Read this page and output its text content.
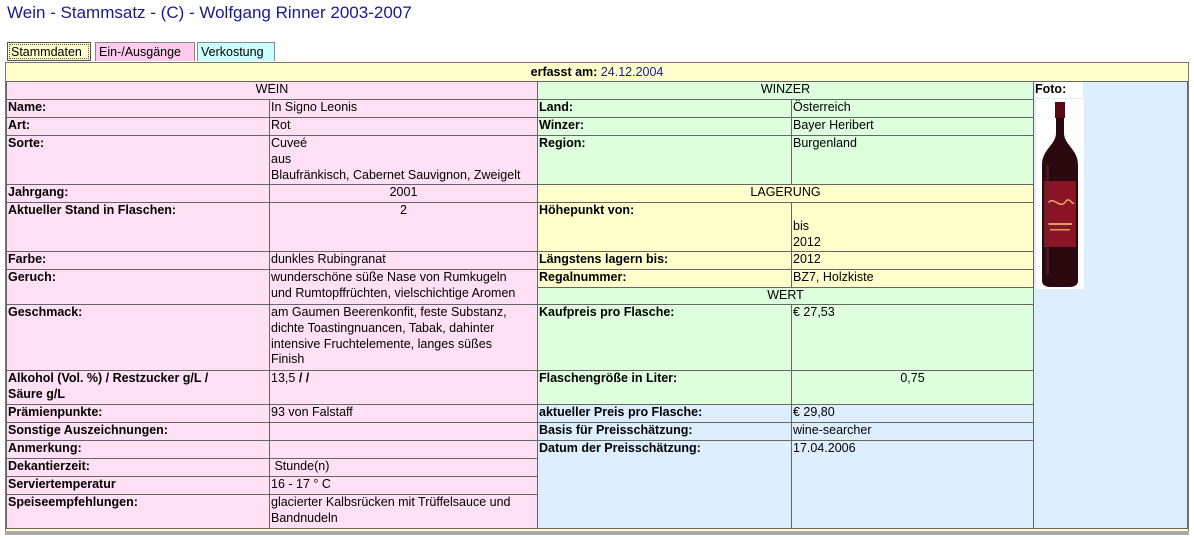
Wein - Stammsatz - (C) - Wolfgang Rinner 2003-2007
Stammdaten	Ein-/Ausgänge	Verkostung
erfasst am: 24.12.2004
WEIN		WINZER		Foto:

Name:	In Signo Leonis	Land:	Österreich	
Art:	Rot	Winzer:	Bayer Heribert	
Sorte:	Cuveé
aus
Blaufränkisch, Cabernet Sauvignon, Zweigelt	Region:	Burgenland	
Jahrgang:	2001	LAGERUNG		
Aktueller Stand in Flaschen:	2	Höhepunkt von:	bis
2012	

Farbe:	dunkles Rubingranat	Längstens lagern bis:	2012	
Geruch:	wunderschöne süße Nase von Rumkugeln
und Rumtopffrüchten, vielschichtige Aromen	Regalnummer:	BZ7, Holzkiste	
		WERT		
Geschmack:	am Gaumen Beerenkonfit, feste Substanz,
dichte Toastingnuancen, Tabak, dahinter
intensive Fruchtelemente, langes süßes
Finish	Kaufpreis pro Flasche:	€ 27,53	

Alkohol (Vol. %) / Restzucker g/L /
Säure g/L	13,5 / /	Flaschengröße in Liter:	0,75	
Prämienpunkte:	93 von Falstaff	aktueller Preis pro Flasche:	€ 29,80	
Sonstige Auszeichnungen:		Basis für Preisschätzung:	wine-searcher	
Anmerkung:		Datum der Preisschätzung:	17.04.2006	
Dekantierzeit:	Stunde(n)			
Serviertemperatur	16 - 17 ° C			
Speiseempfehlungen:	glacierter Kalbsrücken mit Trüffelsauce und
Bandnudeln			
